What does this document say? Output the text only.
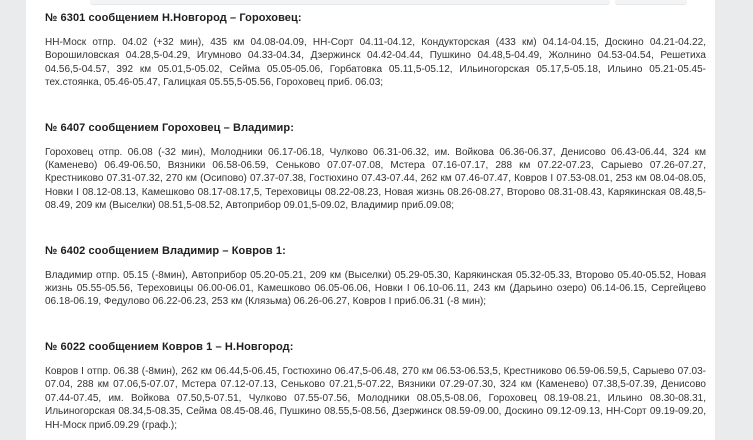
№ 6301 сообщением Н.Новгород – Гороховец:

НН-Моск отпр. 04.02 (+32 мин), 435 км 04.08-04.09, НН-Сорт 04.11-04.12, Кондукторская (433 км) 04.14-04.15, Доскино 04.21-04.22, Ворошиловская 04.28,5-04.29, Игумново 04.33-04.34, Дзержинск 04.42-04.44, Пушкино 04.48,5-04.49, Жолнино 04.53-04.54, Решетиха 04.56,5-04.57, 392 км 05.01,5-05.02, Сейма 05.05-05.06, Горбатовка 05.11,5-05.12, Ильиногорская 05.17,5-05.18, Ильино 05.21-05.45-тех.стоянка, 05.46-05.47, Галицкая 05.55,5-05.56, Гороховец приб. 06.03;

№ 6407 сообщением Гороховец – Владимир:

Гороховец отпр. 06.08 (-32 мин), Молодники 06.17-06.18, Чулково 06.31-06.32, им. Войкова 06.36-06.37, Денисово 06.43-06.44, 324 км (Каменево) 06.49-06.50, Вязники 06.58-06.59, Сеньково 07.07-07.08, Мстера 07.16-07.17, 288 км 07.22-07.23, Сарыево 07.26-07.27, Крестниково 07.31-07.32, 270 км (Осипово) 07.37-07.38, Гостюхино 07.43-07.44, 262 км 07.46-07.47, Ковров I 07.53-08.01, 253 км 08.04-08.05, Новки I 08.12-08.13, Камешково 08.17-08.17,5, Тереховицы 08.22-08.23, Новая жизнь 08.26-08.27, Второво 08.31-08.43, Карякинская 08.48,5-08.49, 209 км (Выселки) 08.51,5-08.52, Автоприбор 09.01,5-09.02, Владимир приб.09.08;

№ 6402 сообщением Владимир – Ковров 1:

Владимир отпр. 05.15 (-8мин), Автоприбор 05.20-05.21, 209 км (Выселки) 05.29-05.30, Карякинская 05.32-05.33, Второво 05.40-05.52, Новая жизнь 05.55-05.56, Тереховицы 06.00-06.01, Камешково 06.05-06.06, Новки I 06.10-06.11, 243 км (Дарьино озеро) 06.14-06.15, Сергейцево 06.18-06.19, Федулово 06.22-06.23, 253 км (Клязьма) 06.26-06.27, Ковров I приб.06.31 (-8 мин);

№ 6022 сообщением Ковров 1 – Н.Новгород:

Ковров I отпр. 06.38 (-8мин), 262 км 06.44,5-06.45, Гостюхино 06.47,5-06.48, 270 км 06.53-06.53,5, Крестниково 06.59-06.59,5, Сарыево 07.03-07.04, 288 км 07.06,5-07.07, Мстера 07.12-07.13, Сеньково 07.21,5-07.22, Вязники 07.29-07.30, 324 км (Каменево) 07.38,5-07.39, Денисово 07.44-07.45, им. Войкова 07.50,5-07.51, Чулково 07.55-07.56, Молодники 08.05,5-08.06, Гороховец 08.19-08.21, Ильино 08.30-08.31, Ильиногорская 08.34,5-08.35, Сейма 08.45-08.46, Пушкино 08.55,5-08.56, Дзержинск 08.59-09.00, Доскино 09.12-09.13, НН-Сорт 09.19-09.20, НН-Моск приб.09.29 (граф.);
